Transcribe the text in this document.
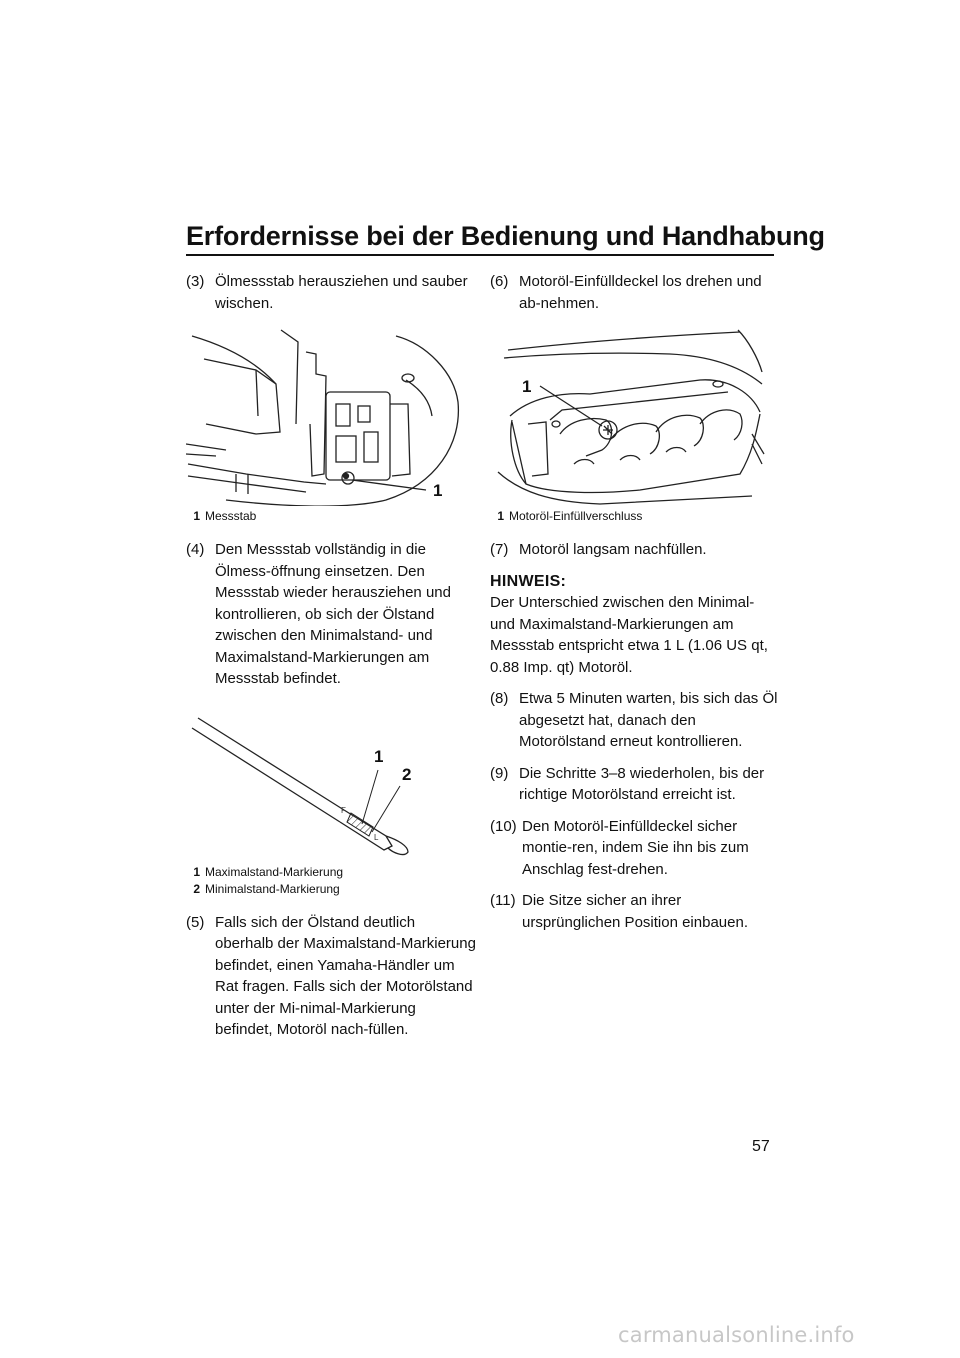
Erfordernisse bei der Bedienung und Handhabung

(3) Ölmessstab herausziehen und sauber wischen.

1
1 Messstab

(4) Den Messstab vollständig in die Ölmess-öffnung einsetzen. Den Messstab wieder herausziehen und kontrollieren, ob sich der Ölstand zwischen den Minimalstand- und Maximalstand-Markierungen am Messstab befindet.

F
L
1
2
1 Maximalstand-Markierung
2 Minimalstand-Markierung

(5) Falls sich der Ölstand deutlich oberhalb der Maximalstand-Markierung befindet, einen Yamaha-Händler um Rat fragen. Falls sich der Motorölstand unter der Mi-nimal-Markierung befindet, Motoröl nach-füllen.

(6) Motoröl-Einfülldeckel los drehen und ab-nehmen.

1
1 Motoröl-Einfüllverschluss

(7) Motoröl langsam nachfüllen.

HINWEIS:

Der Unterschied zwischen den Minimal- und Maximalstand-Markierungen am Messstab entspricht etwa 1 L (1.06 US qt, 0.88 Imp. qt) Motoröl.

(8) Etwa 5 Minuten warten, bis sich das Öl abgesetzt hat, danach den Motorölstand erneut kontrollieren.

(9) Die Schritte 3–8 wiederholen, bis der richtige Motorölstand erreicht ist.

(10) Den Motoröl-Einfülldeckel sicher montie-ren, indem Sie ihn bis zum Anschlag fest-drehen.

(11) Die Sitze sicher an ihrer ursprünglichen Position einbauen.

57
carmanualsonline.info
